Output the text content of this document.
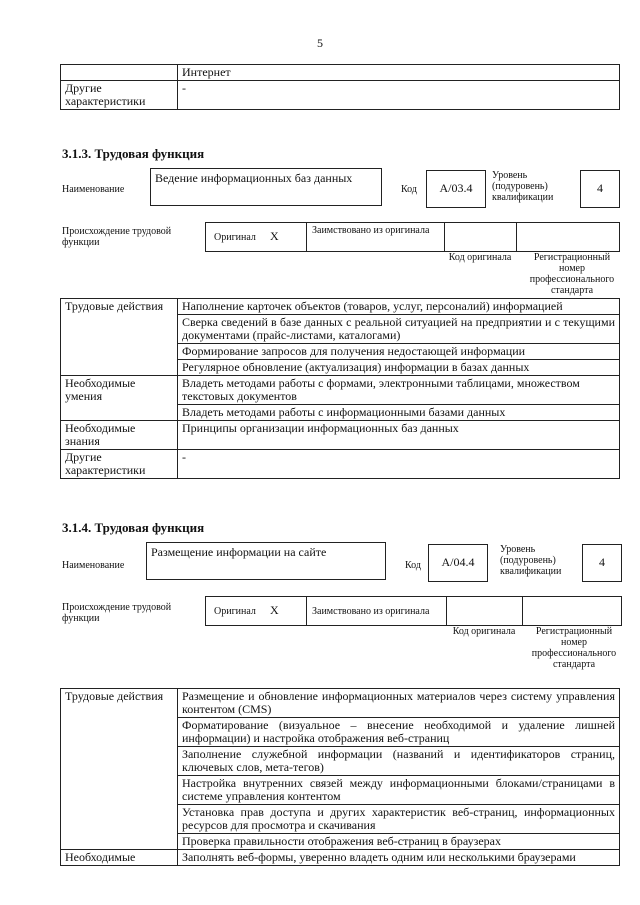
5
	Интернет
Другие характеристики	-
3.1.3. Трудовая функция
Наименование
Ведение информационных баз данных
Код	А/03.4
Уровень (подуровень) квалификации
4
Происхождение трудовой функции	Оригинал Х	Заимствовано из оригинала
Код оригинала	Регистрационный номер профессионального стандарта
Трудовые действия	Наполнение карточек объектов (товаров, услуг, персоналий) информацией
	Сверка сведений в базе данных с реальной ситуацией на предприятии и с текущими документами (прайс-листами, каталогами)
	Формирование запросов для получения недостающей информации
	Регулярное обновление (актуализация) информации в базах данных
Необходимые умения	Владеть методами работы с формами, электронными таблицами, множеством текстовых документов
	Владеть методами работы с информационными базами данных
Необходимые знания	Принципы организации информационных баз данных
Другие характеристики	-
3.1.4. Трудовая функция
Наименование
Размещение информации на сайте
Код	А/04.4
Уровень (подуровень) квалификации
4
Происхождение трудовой функции
Оригинал Х	Заимствовано из оригинала
Код оригинала	Регистрационный номер профессионального стандарта
Трудовые действия	Размещение и обновление информационных материалов через систему управления контентом (CMS)
	Форматирование (визуальное – внесение необходимой и удаление лишней информации) и настройка отображения веб-страниц
	Заполнение служебной информации (названий и идентификаторов страниц, ключевых слов, мета-тегов)
	Настройка внутренних связей между информационными блоками/страницами в системе управления контентом
	Установка прав доступа и других характеристик веб-страниц, информационных ресурсов для просмотра и скачивания
	Проверка правильности отображения веб-страниц в браузерах
Необходимые	Заполнять веб-формы, уверенно владеть одним или несколькими браузерами
